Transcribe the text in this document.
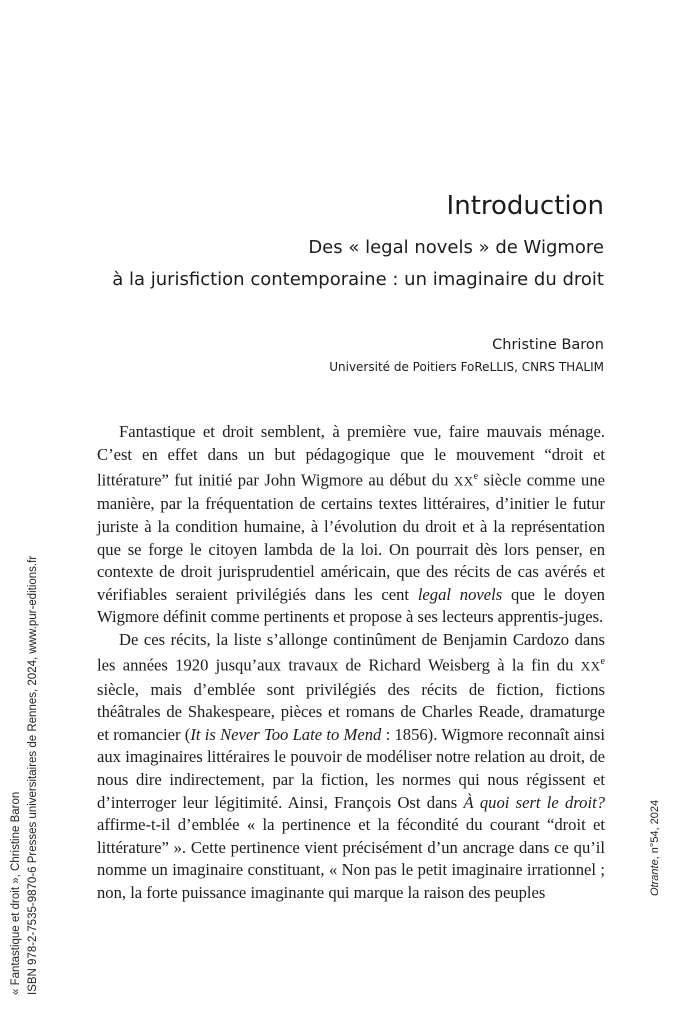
Introduction
Des « legal novels » de Wigmore
à la jurisfiction contemporaine : un imaginaire du droit
Christine Baron
Université de Poitiers FoReLLIS, CNRS THALIM

Fantastique et droit semblent, à première vue, faire mauvais ménage. C’est en effet dans un but pédagogique que le mouvement “droit et littérature” fut initié par John Wigmore au début du XXe siècle comme une manière, par la fréquentation de certains textes littéraires, d’initier le futur juriste à la condition humaine, à l’évolution du droit et à la représentation que se forge le citoyen lambda de la loi. On pourrait dès lors penser, en contexte de droit jurisprudentiel américain, que des récits de cas avérés et vérifiables seraient privilégiés dans les cent legal novels que le doyen Wigmore définit comme pertinents et propose à ses lecteurs apprentis-juges.

De ces récits, la liste s’allonge continûment de Benjamin Cardozo dans les années 1920 jusqu’aux travaux de Richard Weisberg à la fin du XXe siècle, mais d’emblée sont privilégiés des récits de fiction, fictions théâtrales de Shakespeare, pièces et romans de Charles Reade, dramaturge et romancier (It is Never Too Late to Mend : 1856). Wigmore reconnaît ainsi aux imaginaires littéraires le pouvoir de modéliser notre relation au droit, de nous dire indirectement, par la fiction, les normes qui nous régissent et d’interroger leur légitimité. Ainsi, François Ost dans À quoi sert le droit? affirme-t-il d’emblée « la pertinence et la fécondité du courant “droit et littérature” ». Cette pertinence vient précisément d’un ancrage dans ce qu’il nomme un imaginaire constituant, « Non pas le petit imaginaire irrationnel ; non, la forte puissance imaginante qui marque la raison des peuples

« Fantastique et droit », Christine Baron ISBN 978-2-7535-9870-6 Presses universitaires de Rennes, 2024, www.pur-editions.fr	Otrante, n°54, 2024
